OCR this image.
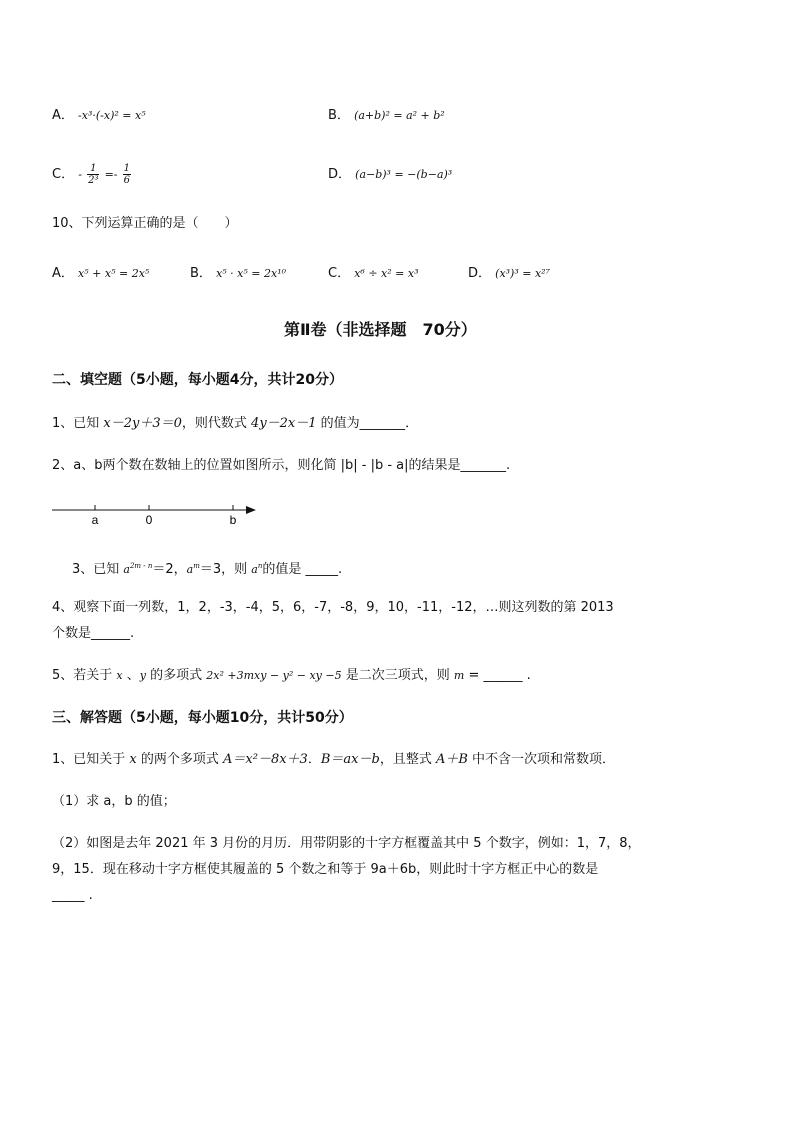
A． -x³·(-x)² = x⁵	B． (a+b)² = a² + b²
C． - $\frac{1}{\text{2³}} =- \frac{1}{6}$	D． (a−b)³ = −(b−a)³
10、下列运算正确的是（　　）
A． x⁵ + x⁵ = 2x⁵	B． x⁵ · x⁵ = 2x¹⁰	C． x⁶ ÷ x² = x³	D． (x³)³ = x²⁷
第Ⅱ卷（非选择题　70分）
二、填空题（5小题，每小题4分，共计20分）
1、已知 x－2y＋3＝0，则代数式 4y－2x－1 的值为_______．
2、a、b两个数在数轴上的位置如图所示，则化简 |b| - |b - a|的结果是_______.
a	0	b
3、已知 $a^{2m - n}=2$，$a^m=3$，则 $a^n$的值是 _____.
4、观察下面一列数，1，2，-3，-4，5，6，-7，-8，9，10，-11，-12，…则这列数的第 2013
个数是______.
5、若关于 x 、y 的多项式 2x² +3mxy − y² − xy −5 是二次三项式，则 m = ______ .
三、解答题（5小题，每小题10分，共计50分）
1、已知关于 x 的两个多项式 A＝x²－8x＋3．B＝ax－b，且整式 A＋B 中不含一次项和常数项．
（1）求 a，b 的值；
（2）如图是去年 2021 年 3 月份的月历．用带阴影的十字方框覆盖其中 5 个数字，例如：1，7，8，
9，15．现在移动十字方框使其履盖的 5 个数之和等于 9a＋6b，则此时十字方框正中心的数是
_____ .
